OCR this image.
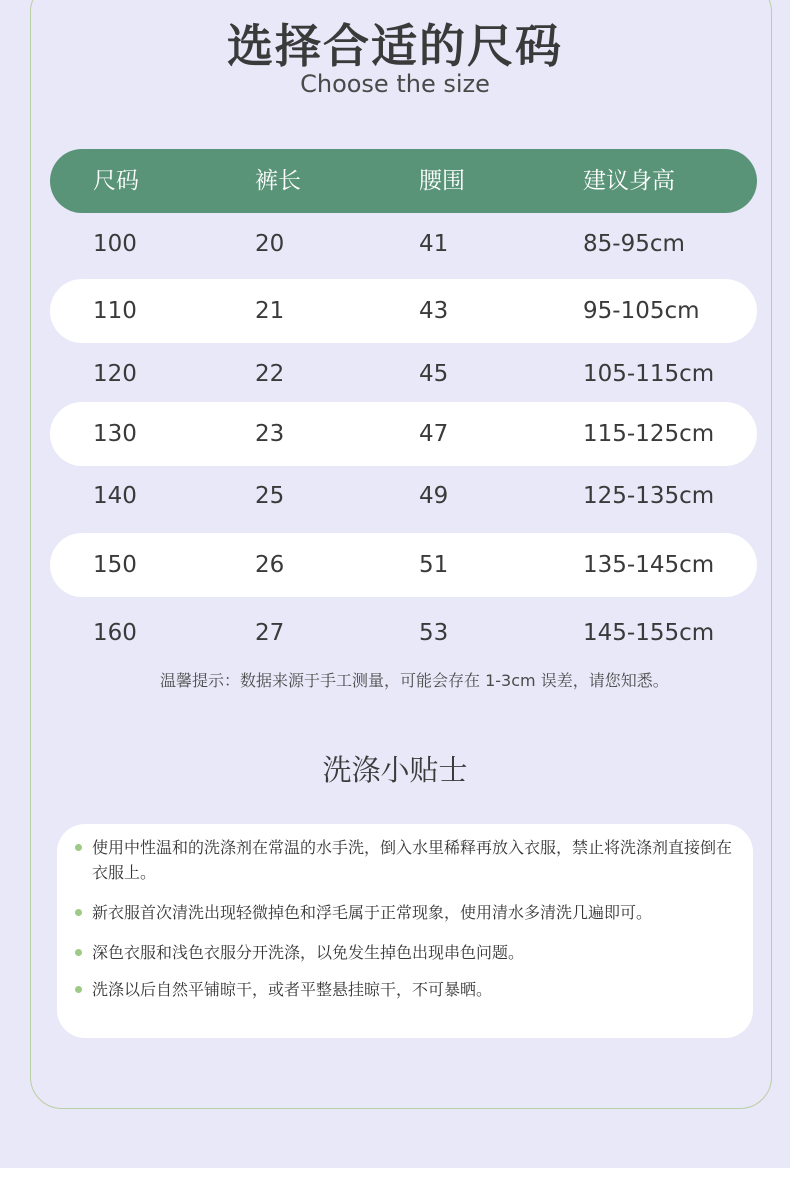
选择合适的尺码
Choose the size
尺码	裤长	腰围	建议身高
100	20	41	85-95cm
110	21	43	95-105cm
120	22	45	105-115cm
130	23	47	115-125cm
140	25	49	125-135cm
150	26	51	135-145cm
160	27	53	145-155cm
温馨提示：数据来源于手工测量，可能会存在 1-3cm 误差，请您知悉。
洗涤小贴士
使用中性温和的洗涤剂在常温的水手洗，倒入水里稀释再放入衣服，禁止将洗涤剂直接倒在衣服上。
新衣服首次清洗出现轻微掉色和浮毛属于正常现象，使用清水多清洗几遍即可。
深色衣服和浅色衣服分开洗涤，以免发生掉色出现串色问题。
洗涤以后自然平铺晾干，或者平整悬挂晾干，不可暴晒。
